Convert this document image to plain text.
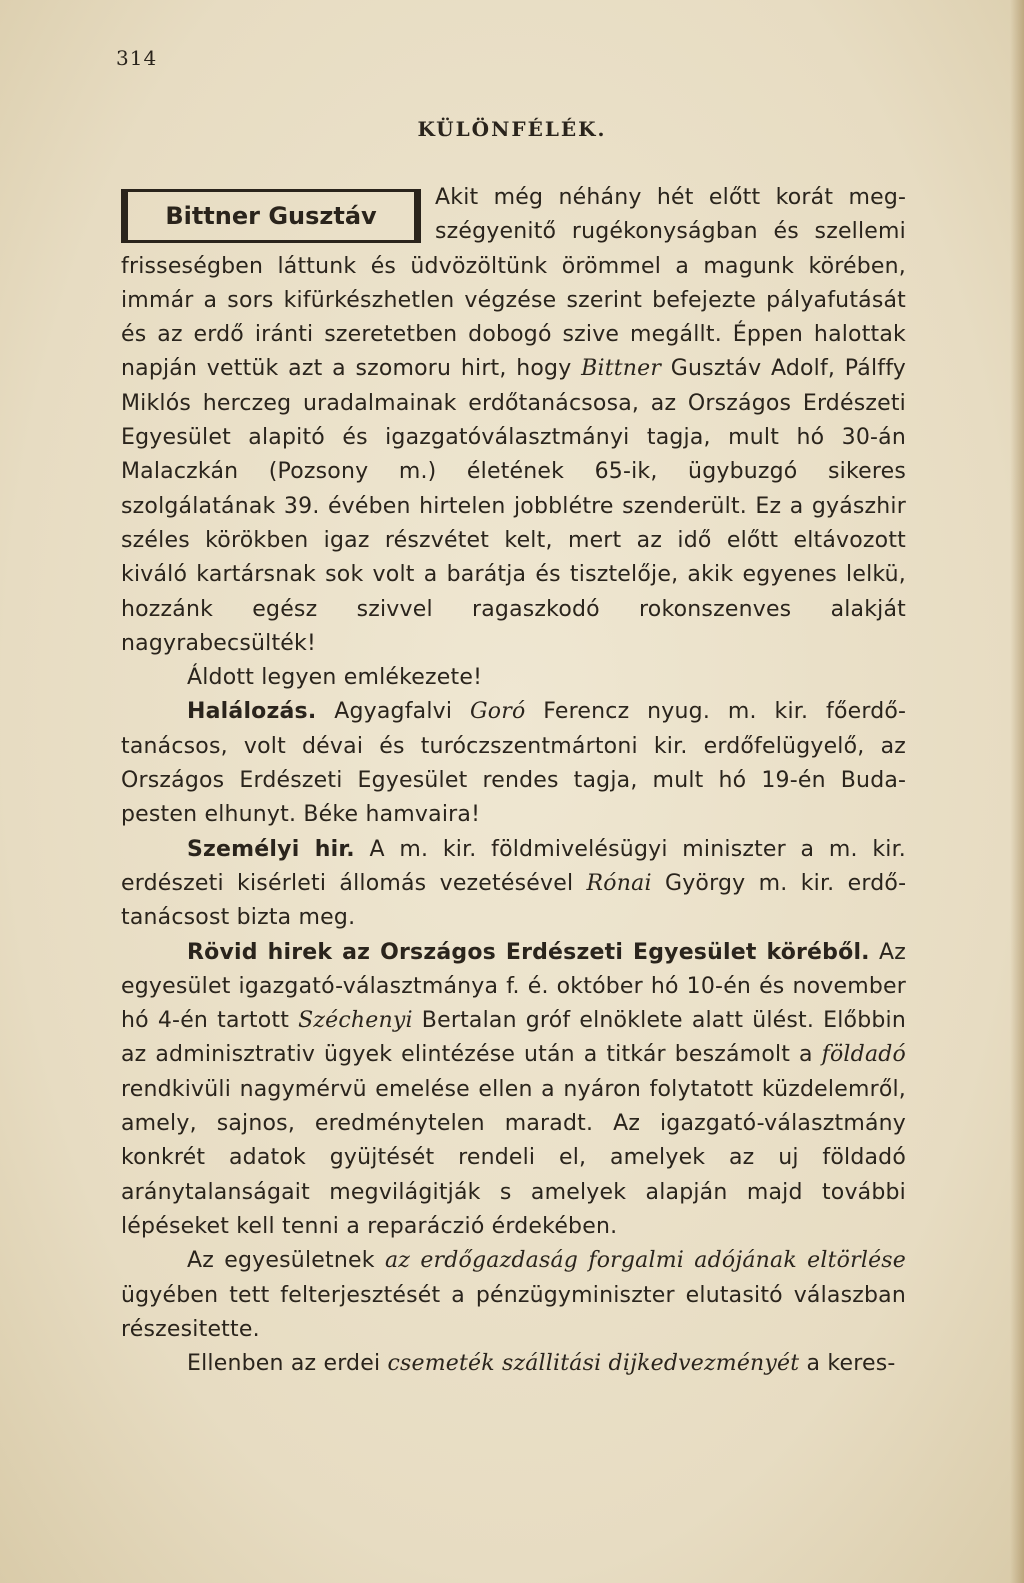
314
KÜLÖNFÉLÉK.
Bittner Gusztáv

Akit még néhány hét előtt korát megszégyenitő rugékonyságban és szellemi frisseségben láttunk és üdvözöltünk örömmel a magunk körében, immár a sors kifürkészhetlen végzése szerint befejezte pályafutását és az erdő iránti szeretetben dobogó szive megállt. Éppen halottak napján vettük azt a szomoru hirt, hogy Bittner Gusztáv Adolf, Pálffy Miklós herczeg uradalmainak erdőtanácsosa, az Országos Erdészeti Egyesület alapitó és igazgatóválasztmányi tagja, mult hó 30-án Malaczkán (Pozsony m.) életének 65-ik, ügybuzgó sikeres szolgálatának 39. évében hirtelen jobblétre szenderült. Ez a gyászhir széles körökben igaz részvétet kelt, mert az idő előtt eltávozott kiváló kartársnak sok volt a barátja és tisztelője, akik egyenes lelkü, hozzánk egész szivvel ragaszkodó rokonszenves alakját nagyrabecsülték!

Áldott legyen emlékezete!

Halálozás. Agyagfalvi Goró Ferencz nyug. m. kir. főerdőtanácsos, volt dévai és turóczszentmártoni kir. erdőfelügyelő, az Országos Erdészeti Egyesület rendes tagja, mult hó 19-én Budapesten elhunyt. Béke hamvaira!

Személyi hir. A m. kir. földmivelésügyi miniszter a m. kir. erdészeti kisérleti állomás vezetésével Rónai György m. kir. erdőtanácsost bizta meg.

Rövid hirek az Országos Erdészeti Egyesület köréből. Az egyesület igazgató-választmánya f. é. október hó 10-én és november hó 4-én tartott Széchenyi Bertalan gróf elnöklete alatt ülést. Előbbin az adminisztrativ ügyek elintézése után a titkár beszámolt a földadó rendkivüli nagymérvü emelése ellen a nyáron folytatott küzdelemről, amely, sajnos, eredménytelen maradt. Az igazgató-választmány konkrét adatok gyüjtését rendeli el, amelyek az uj földadó aránytalanságait megvilágitják s amelyek alapján majd további lépéseket kell tenni a reparáczió érdekében.

Az egyesületnek az erdőgazdaság forgalmi adójának eltörlése ügyében tett felterjesztését a pénzügyminiszter elutasitó válaszban részesitette.

Ellenben az erdei csemeték szállitási dijkedvezményét a keres-
